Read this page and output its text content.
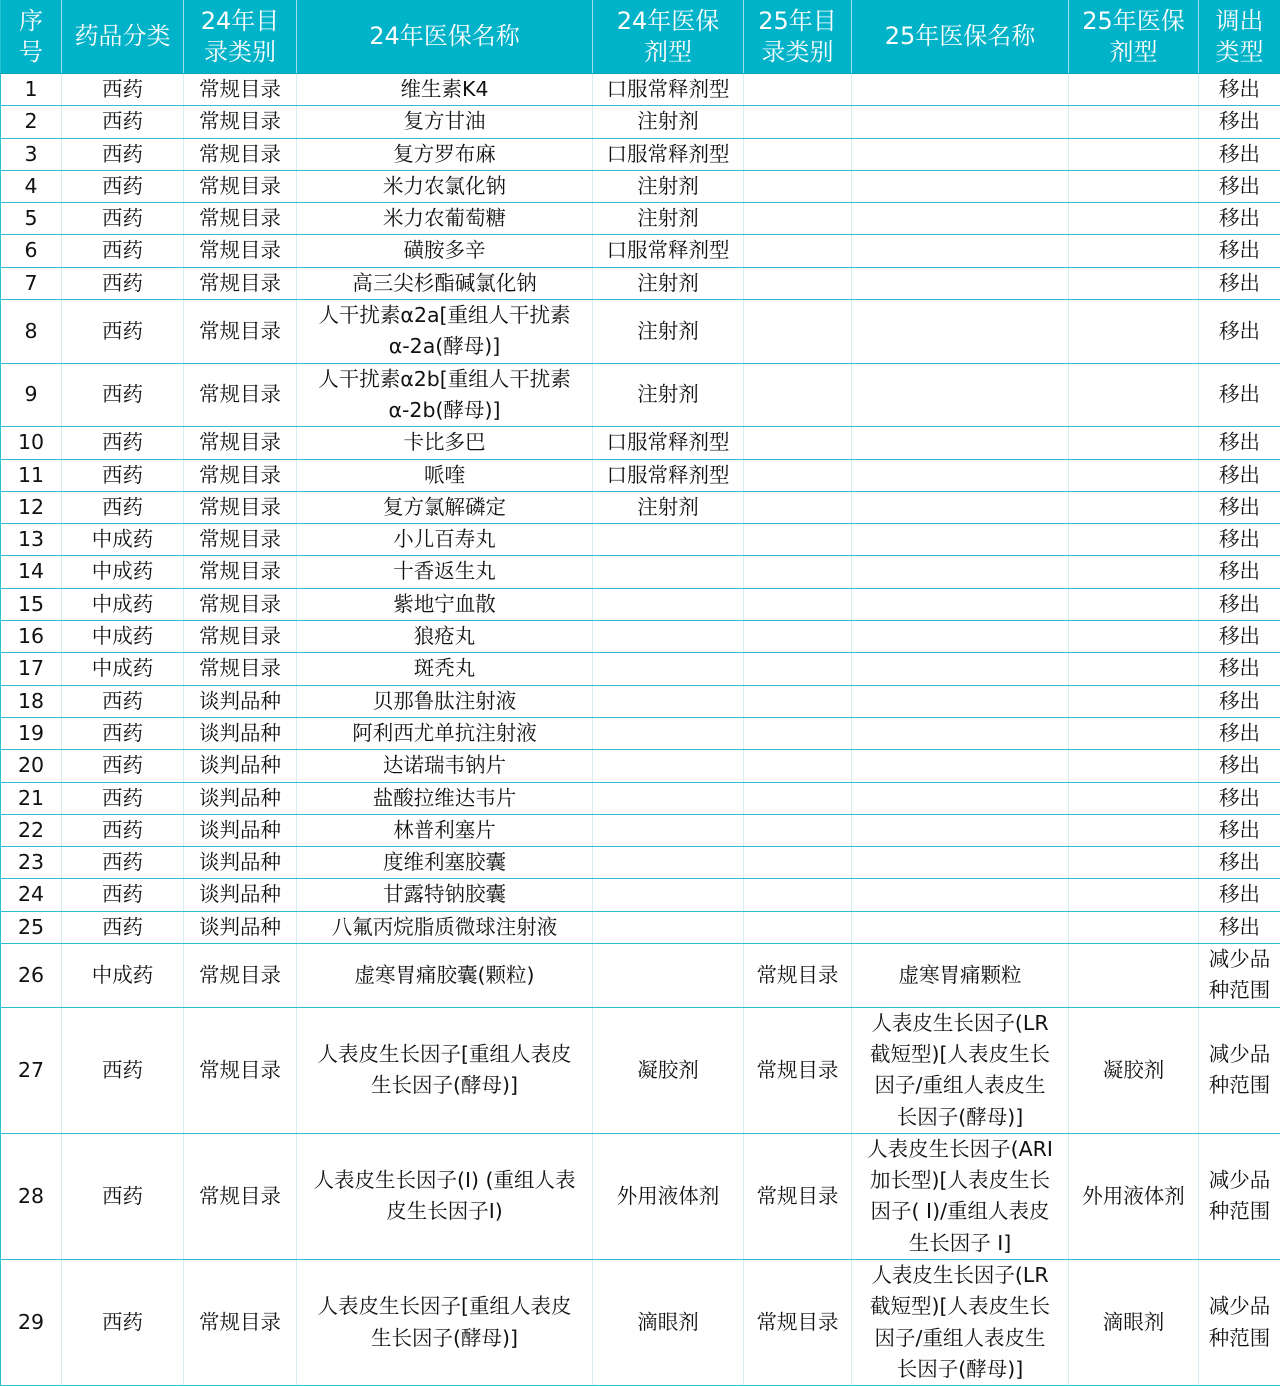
序
号	药品分类	24年目
录类别	24年医保名称	24年医保
剂型	25年目
录类别	25年医保名称	25年医保
剂型	调出
类型
1	西药	常规目录	维生素K4	口服常释剂型				移出
2	西药	常规目录	复方甘油	注射剂				移出
3	西药	常规目录	复方罗布麻	口服常释剂型				移出
4	西药	常规目录	米力农氯化钠	注射剂				移出
5	西药	常规目录	米力农葡萄糖	注射剂				移出
6	西药	常规目录	磺胺多辛	口服常释剂型				移出
7	西药	常规目录	高三尖杉酯碱氯化钠	注射剂				移出
8	西药	常规目录	人干扰素α2a[重组人干扰素
α-2a(酵母)]	注射剂				移出
9	西药	常规目录	人干扰素α2b[重组人干扰素
α-2b(酵母)]	注射剂				移出
10	西药	常规目录	卡比多巴	口服常释剂型				移出
11	西药	常规目录	哌喹	口服常释剂型				移出
12	西药	常规目录	复方氯解磷定	注射剂				移出
13	中成药	常规目录	小儿百寿丸					移出
14	中成药	常规目录	十香返生丸					移出
15	中成药	常规目录	紫地宁血散					移出
16	中成药	常规目录	狼疮丸					移出
17	中成药	常规目录	斑秃丸					移出
18	西药	谈判品种	贝那鲁肽注射液					移出
19	西药	谈判品种	阿利西尤单抗注射液					移出
20	西药	谈判品种	达诺瑞韦钠片					移出
21	西药	谈判品种	盐酸拉维达韦片					移出
22	西药	谈判品种	林普利塞片					移出
23	西药	谈判品种	度维利塞胶囊					移出
24	西药	谈判品种	甘露特钠胶囊					移出
25	西药	谈判品种	八氟丙烷脂质微球注射液					移出
26	中成药	常规目录	虚寒胃痛胶囊(颗粒)		常规目录	虚寒胃痛颗粒		减少品
种范围
27	西药	常规目录	人表皮生长因子[重组人表皮
生长因子(酵母)]	凝胶剂	常规目录	人表皮生长因子(LR
截短型)[人表皮生长
因子/重组人表皮生
长因子(酵母)]	凝胶剂	减少品
种范围
28	西药	常规目录	人表皮生长因子(I) (重组人表
皮生长因子I)	外用液体剂	常规目录	人表皮生长因子(ARI
加长型)[人表皮生长
因子( I)/重组人表皮
生长因子 I]	外用液体剂	减少品
种范围
29	西药	常规目录	人表皮生长因子[重组人表皮
生长因子(酵母)]	滴眼剂	常规目录	人表皮生长因子(LR
截短型)[人表皮生长
因子/重组人表皮生
长因子(酵母)]	滴眼剂	减少品
种范围
